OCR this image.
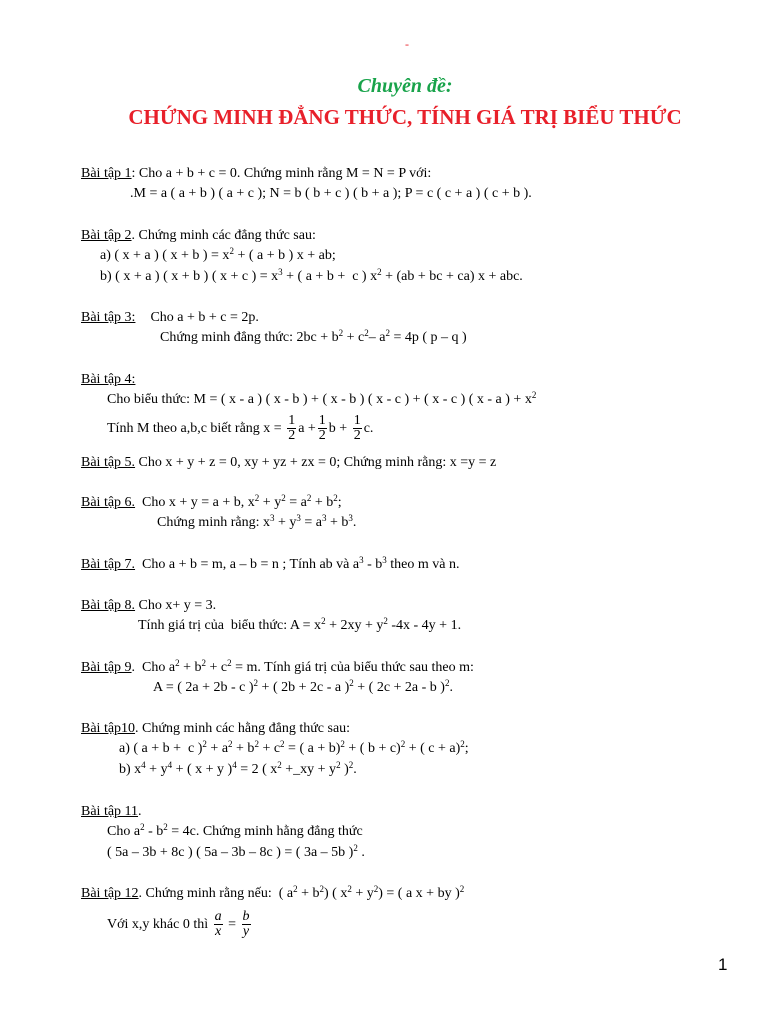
-
Chuyên đề:
CHỨNG MINH ĐẲNG THỨC, TÍNH GIÁ TRỊ BIỂU THỨC
Bài tập 1: Cho a + b + c = 0. Chứng minh rằng M = N = P với:
.M = a ( a + b ) ( a + c ); N = b ( b + c ) ( b + a ); P = c ( c + a ) ( c + b ).
Bài tập 2. Chứng minh các đẳng thức sau:
a) ( x + a ) ( x + b ) = $x^2$ + ( a + b ) x + ab;
b) ( x + a ) ( x + b ) ( x + c ) = $x^3$ + ( a + b +  c ) $x^2 + (ab$ + bc + ca) x + abc.
Bài tập 3: Cho a + b + c = 2p.
Chứng minh đẳng thức: $2bc + b^2 + c^2-$ $a^2 = 4p$ ( p – q )
Bài tập 4:
Cho biểu thức: M = ( x - a ) ( x - b ) + ( x - b ) ( x - c ) + ( x - c ) ( x - a ) + $x^2$
Tính M theo a,b,c biết rằng $x = \frac{1}{2}$ $a + \frac{1}{2}$ $b + \frac{1}{2} c$.
Bài tập 5. Cho x + y + z = 0, xy + yz + zx = 0; Chứng minh rằng: x =y = z
Bài tập 6.  Cho x + y = a + b, $x^2 + y^2 = a^2 + b^2$;
Chứng minh rằng: $x^3 + y^3 = a^3 + b^3$.
Bài tập 7.  Cho a + b = m, a – b = n ; Tính ab và $a^3 - b^3$ theo m và n.
Bài tập 8. Cho x+ y = 3.
Tính giá trị của  biểu thức: $A = x^2 + 2xy + y^2$ -4x - 4y + 1.
Bài tập 9.  Cho $a^2 + b^2 + c^2 = m$. Tính giá trị của biểu thức sau theo m:
A = ( 2a + 2b - c )$^2$ + ( 2b + 2c - a )$^2$ + ( 2c + 2a - b )$^2$.
Bài tập10. Chứng minh các hằng đẳng thức sau:
a) ( a + b +  c )$^2 + a^2 + b^2 + c^2$ = ( a + b)$^2$ + ( b + c)$^2$ + ( c + a)$^2$;
b) $x^4 + y^4$ + ( x + y )$^4$ = 2 ( $x^2$ +_xy + $y^2$ )$^2$.
Bài tập 11.
Cho $a^2 - b^2 = 4c$. Chứng minh hằng đẳng thức
( 5a – 3b + 8c ) ( 5a – 3b – 8c ) = ( 3a – 5b )$^2$ .
Bài tập 12. Chứng minh rằng nếu:  ( $a^2 + b^2$) ( $x^2 + y^2$) = ( a x + by )$^2$
Với x,y khác 0 thì $\frac{a}{x} = \frac{b}{y}$
1
